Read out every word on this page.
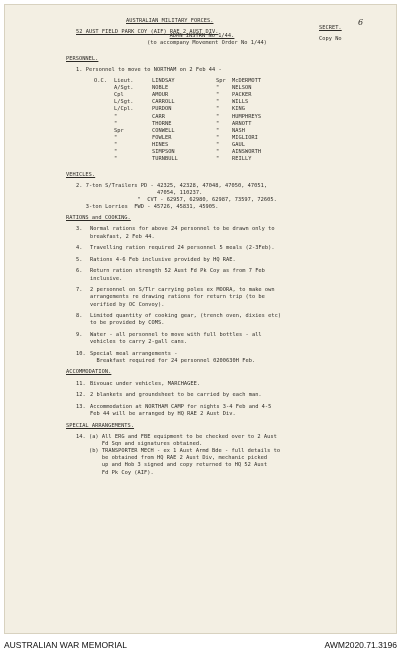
AUSTRALIAN MILITARY FORCES.

SECRET.

52 AUST FIELD PARK COY (AIF) RAE 2 AUST DIV.

Copy No

6

ADMN INSTRN No 1/44.
(to accompany Movement Order No 1/44)
PERSONNEL.
1. Personnel to move to NORTHAM on 2 Feb 44 -
O.C. Lieut.	LINDSAY	Spr McDERMOTT
A/Sgt.	NOBLE	" NELSON
Cpl	AMOUR	" PACKER
L/Sgt.	CARROLL	" WILLS
L/Cpl.	PURDON	" KING
"	CARR	" HUMPHREYS
"	THORNE	" ARNOTT
Spr	CONWELL	" NASH
"	FOWLER	" MIGLIORI
"	HINES	" GAUL
"	SIMPSON	" AINSWORTH
"	TURNBULL	" REILLY
VEHICLES.
2. 7-ton S/Trailers PD - 42325, 42328, 47048, 47050, 47051,
47054, 110237.
"  CVT - 62957, 62980, 62987, 73597, 72605.
3-ton Lorries  FWD - 45726, 45831, 45905.
RATIONS and COOKING.
3. Normal rations for above 24 personnel to be drawn only to
breakfast, 2 Feb 44.
4. Travelling ration required 24 personnel 5 meals (2-3Feb).
5. Rations 4-6 Feb inclusive provided by HQ RAE.
6. Return ration strength 52 Aust Fd Pk Coy as from 7 Feb
inclusive.
7. 2 personnel on S/Tlr carrying poles ex MOORA, to make own
arrangements re drawing rations for return trip (to be
verified by OC Convoy).
8. Limited quantity of cooking gear, (trench oven, dixies etc)
to be provided by COMS.
9. Water - all personnel to move with full bottles - all
vehicles to carry 2-gall cans.
10. Special meal arrangements -
Breakfast required for 24 personnel 0200630H Feb.
ACCOMMODATION.
11. Bivouac under vehicles, MARCHAGEE.
12. 2 blankets and groundsheet to be carried by each man.
13. Accommodation at NORTHAM CAMP for nights 3-4 Feb and 4-5
Feb 44 will be arranged by HQ RAE 2 Aust Div.
SPECIAL ARRANGEMENTS.
14. (a) All ERG and FBE equipment to be checked over to 2 Aust
Fd Sqn and signatures obtained.
(b) TRANSPORTER MECH - ex 1 Aust Armd Bde - full details to
be obtained from HQ RAE 2 Aust Div, mechanic picked
up and Hob 3 signed and copy returned to HQ 52 Aust
Fd Pk Coy (AIF).
AUSTRALIAN WAR MEMORIAL	AWM2020.71.3196
